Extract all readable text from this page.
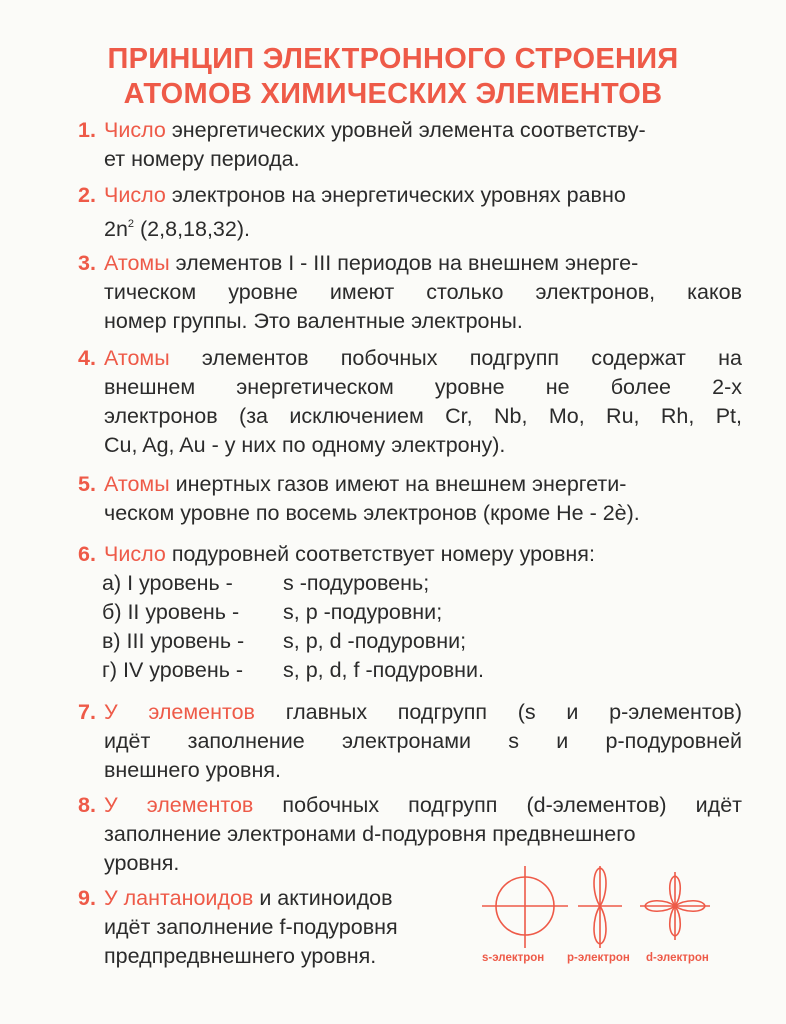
ПРИНЦИП ЭЛЕКТРОННОГО СТРОЕНИЯ
АТОМОВ ХИМИЧЕСКИХ ЭЛЕМЕНТОВ
1. Число энергетических уровней элемента соответству-
ет номеру периода.
2. Число электронов на энергетических уровнях равно
$2n^2$ (2,8,18,32).
3. Атомы элементов I - III периодов на внешнем энерге-
тическом уровне имеют столько электронов, каков
номер группы. Это валентные электроны.
4. Атомы элементов побочных подгрупп содержат на
внешнем энергетическом уровне не более 2-х
электронов (за исключением Cr, Nb, Mo, Ru, Rh, Pt,
Cu, Ag, Au - у них по одному электрону).
5. Атомы инертных газов имеют на внешнем энергети-
ческом уровне по восемь электронов (кроме He - 2ѐ).
6. Число подуровней соответствует номеру уровня:
а) I уровень -	s -подуровень;
б) II уровень -	s, p -подуровни;
в) III уровень -	s, p, d -подуровни;
г) IV уровень -	s, p, d, f -подуровни.
7. У элементов главных подгрупп (s и p-элементов)
идёт заполнение электронами s и p-подуровней
внешнего уровня.
8. У элементов побочных подгрупп (d-элементов) идёт
заполнение электронами d-подуровня предвнешнего
уровня.
9. У лантаноидов и актиноидов
идёт заполнение f-подуровня
предпредвнешнего уровня.	s-электрон p-электрон d-электрон
